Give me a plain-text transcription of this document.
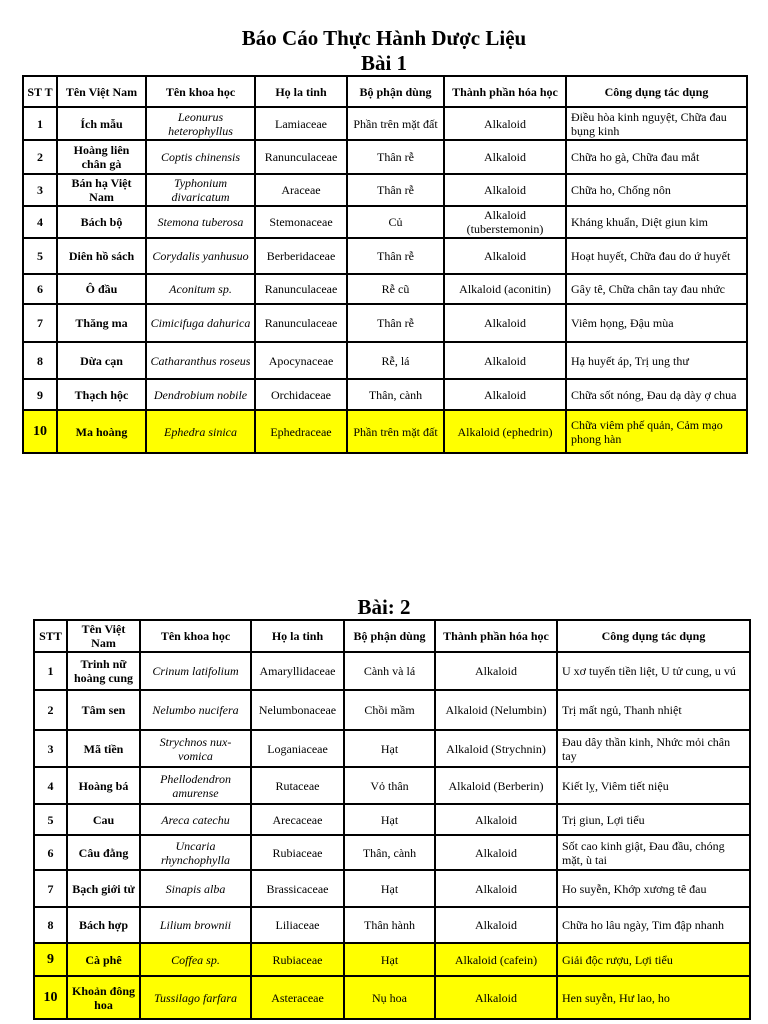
Báo Cáo Thực Hành Dược Liệu
Bài 1
ST T	Tên Việt Nam	Tên khoa học	Họ la tinh	Bộ phận dùng	Thành phần hóa học	Công dụng tác dụng
1	Ích mẫu	Leonurus heterophyllus	Lamiaceae	Phần trên mặt đất	Alkaloid	Điều hòa kinh nguyệt, Chữa đau bụng kinh
2	Hoàng liên chân gà	Coptis chinensis	Ranunculaceae	Thân rễ	Alkaloid	Chữa ho gà, Chữa đau mắt
3	Bán hạ Việt Nam	Typhonium divaricatum	Araceae	Thân rễ	Alkaloid	Chữa ho, Chống nôn
4	Bách bộ	Stemona tuberosa	Stemonaceae	Củ	Alkaloid (tuberstemonin)	Kháng khuẩn, Diệt giun kim
5	Diên hồ sách	Corydalis yanhusuo	Berberidaceae	Thân rễ	Alkaloid	Hoạt huyết, Chữa đau do ứ huyết
6	Ô đầu	Aconitum sp.	Ranunculaceae	Rễ cũ	Alkaloid (aconitin)	Gây tê, Chữa chân tay đau nhức
7	Thăng ma	Cimicifuga dahurica	Ranunculaceae	Thân rễ	Alkaloid	Viêm họng, Đậu mùa
8	Dừa cạn	Catharanthus roseus	Apocynaceae	Rễ, lá	Alkaloid	Hạ huyết áp, Trị ung thư
9	Thạch hộc	Dendrobium nobile	Orchidaceae	Thân, cành	Alkaloid	Chữa sốt nóng, Đau dạ dày ợ chua
10	Ma hoàng	Ephedra sinica	Ephedraceae	Phần trên mặt đất	Alkaloid (ephedrin)	Chữa viêm phế quản, Cảm mạo phong hàn
Bài: 2
STT	Tên Việt Nam	Tên khoa học	Họ la tinh	Bộ phận dùng	Thành phần hóa học	Công dụng tác dụng
1	Trinh nữ hoàng cung	Crinum latifolium	Amaryllidaceae	Cành và lá	Alkaloid	U xơ tuyến tiền liệt, U tử cung, u vú
2	Tâm sen	Nelumbo nucifera	Nelumbonaceae	Chồi mầm	Alkaloid (Nelumbin)	Trị mất ngủ, Thanh nhiệt
3	Mã tiền	Strychnos nux-vomica	Loganiaceae	Hạt	Alkaloid (Strychnin)	Đau dây thần kinh, Nhức mỏi chân tay
4	Hoàng bá	Phellodendron amurense	Rutaceae	Vỏ thân	Alkaloid (Berberin)	Kiết lỵ, Viêm tiết niệu
5	Cau	Areca catechu	Arecaceae	Hạt	Alkaloid	Trị giun, Lợi tiểu
6	Câu đằng	Uncaria rhynchophylla	Rubiaceae	Thân, cành	Alkaloid	Sốt cao kinh giật, Đau đầu, chóng mặt, ù tai
7	Bạch giới tử	Sinapis alba	Brassicaceae	Hạt	Alkaloid	Ho suyễn, Khớp xương tê đau
8	Bách hợp	Lilium brownii	Liliaceae	Thân hành	Alkaloid	Chữa ho lâu ngày, Tim đập nhanh
9	Cà phê	Coffea sp.	Rubiaceae	Hạt	Alkaloid (cafein)	Giải độc rượu, Lợi tiểu
10	Khoản đông hoa	Tussilago farfara	Asteraceae	Nụ hoa	Alkaloid	Hen suyễn, Hư lao, ho
